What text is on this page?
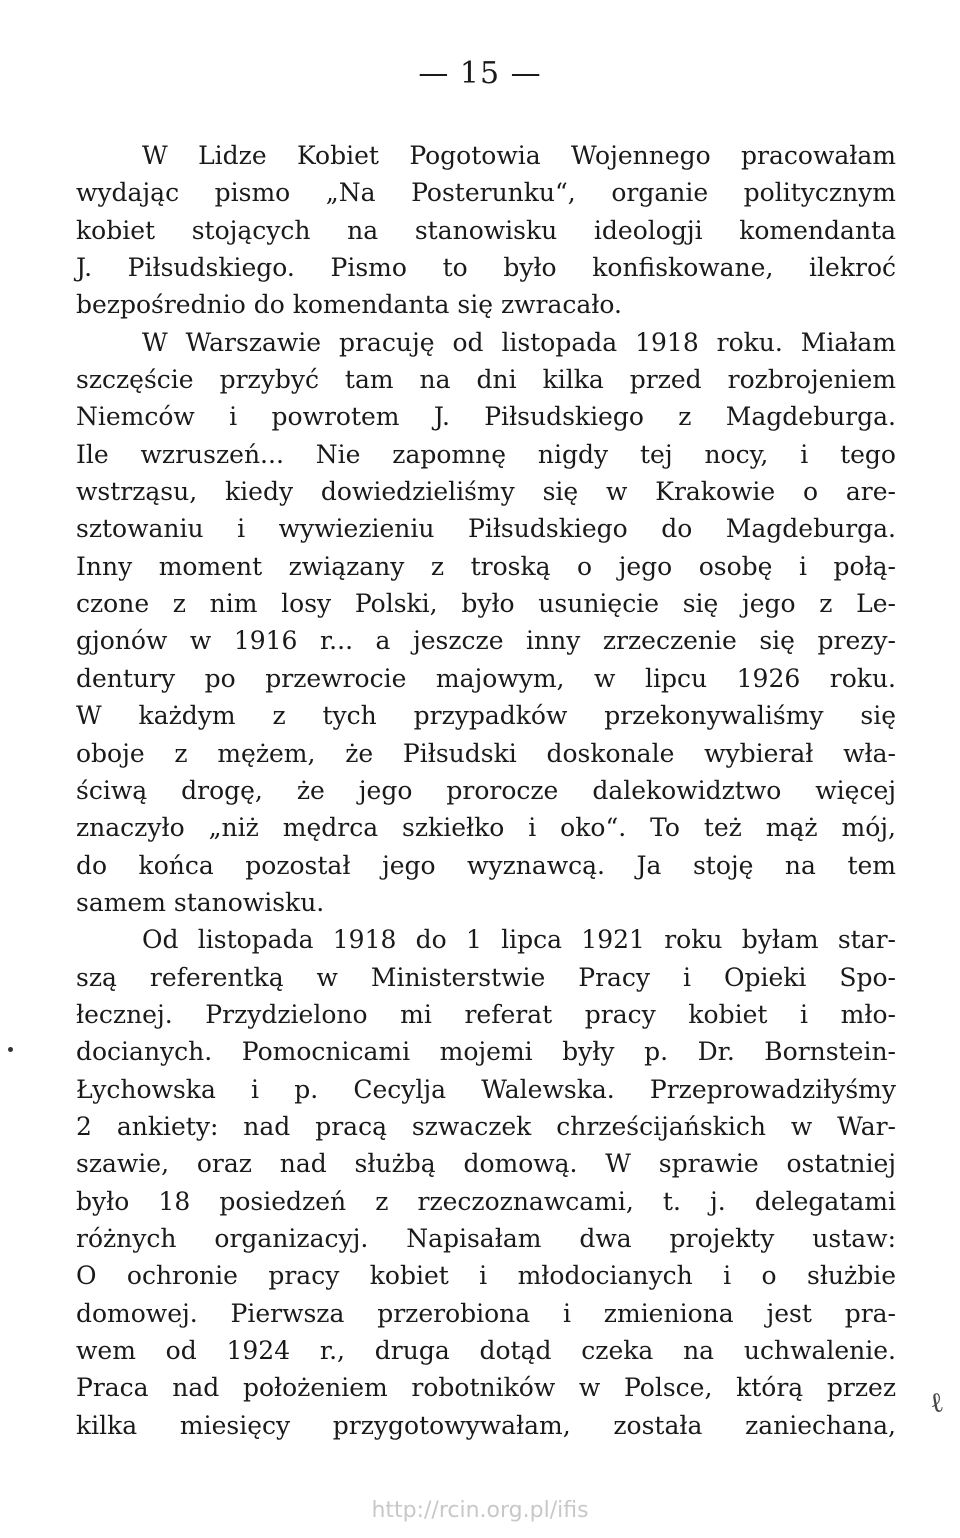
— 15 —
W Lidze Kobiet Pogotowia Wojennego pracowałam
wydając pismo „Na Posterunku“, organie politycznym
kobiet stojących na stanowisku ideologji komendanta
J. Piłsudskiego. Pismo to było konfiskowane, ilekroć
bezpośrednio do komendanta się zwracało.
W Warszawie pracuję od listopada 1918 roku. Miałam
szczęście przybyć tam na dni kilka przed rozbrojeniem
Niemców i powrotem J. Piłsudskiego z Magdeburga.
Ile wzruszeń... Nie zapomnę nigdy tej nocy, i tego
wstrząsu, kiedy dowiedzieliśmy się w Krakowie o are-
sztowaniu i wywiezieniu Piłsudskiego do Magdeburga.
Inny moment związany z troską o jego osobę i połą-
czone z nim losy Polski, było usunięcie się jego z Le-
gjonów w 1916 r... a jeszcze inny zrzeczenie się prezy-
dentury po przewrocie majowym, w lipcu 1926 roku.
W każdym z tych przypadków przekonywaliśmy się
oboje z mężem, że Piłsudski doskonale wybierał wła-
ściwą drogę, że jego prorocze dalekowidztwo więcej
znaczyło „niż mędrca szkiełko i oko“. To też mąż mój,
do końca pozostał jego wyznawcą. Ja stoję na tem
samem stanowisku.
Od listopada 1918 do 1 lipca 1921 roku byłam star-
szą referentką w Ministerstwie Pracy i Opieki Spo-
łecznej. Przydzielono mi referat pracy kobiet i mło-
docianych. Pomocnicami mojemi były p. Dr. Bornstein-
Łychowska i p. Cecylja Walewska. Przeprowadziłyśmy
2 ankiety: nad pracą szwaczek chrześcijańskich w War-
szawie, oraz nad służbą domową. W sprawie ostatniej
było 18 posiedzeń z rzeczoznawcami, t. j. delegatami
różnych organizacyj. Napisałam dwa projekty ustaw:
O ochronie pracy kobiet i młodocianych i o służbie
domowej. Pierwsza przerobiona i zmieniona jest pra-
wem od 1924 r., druga dotąd czeka na uchwalenie.
Praca nad położeniem robotników w Polsce, którą przez
kilka miesięcy przygotowywałam, została zaniechana,
ℓ
http://rcin.org.pl/ifis
